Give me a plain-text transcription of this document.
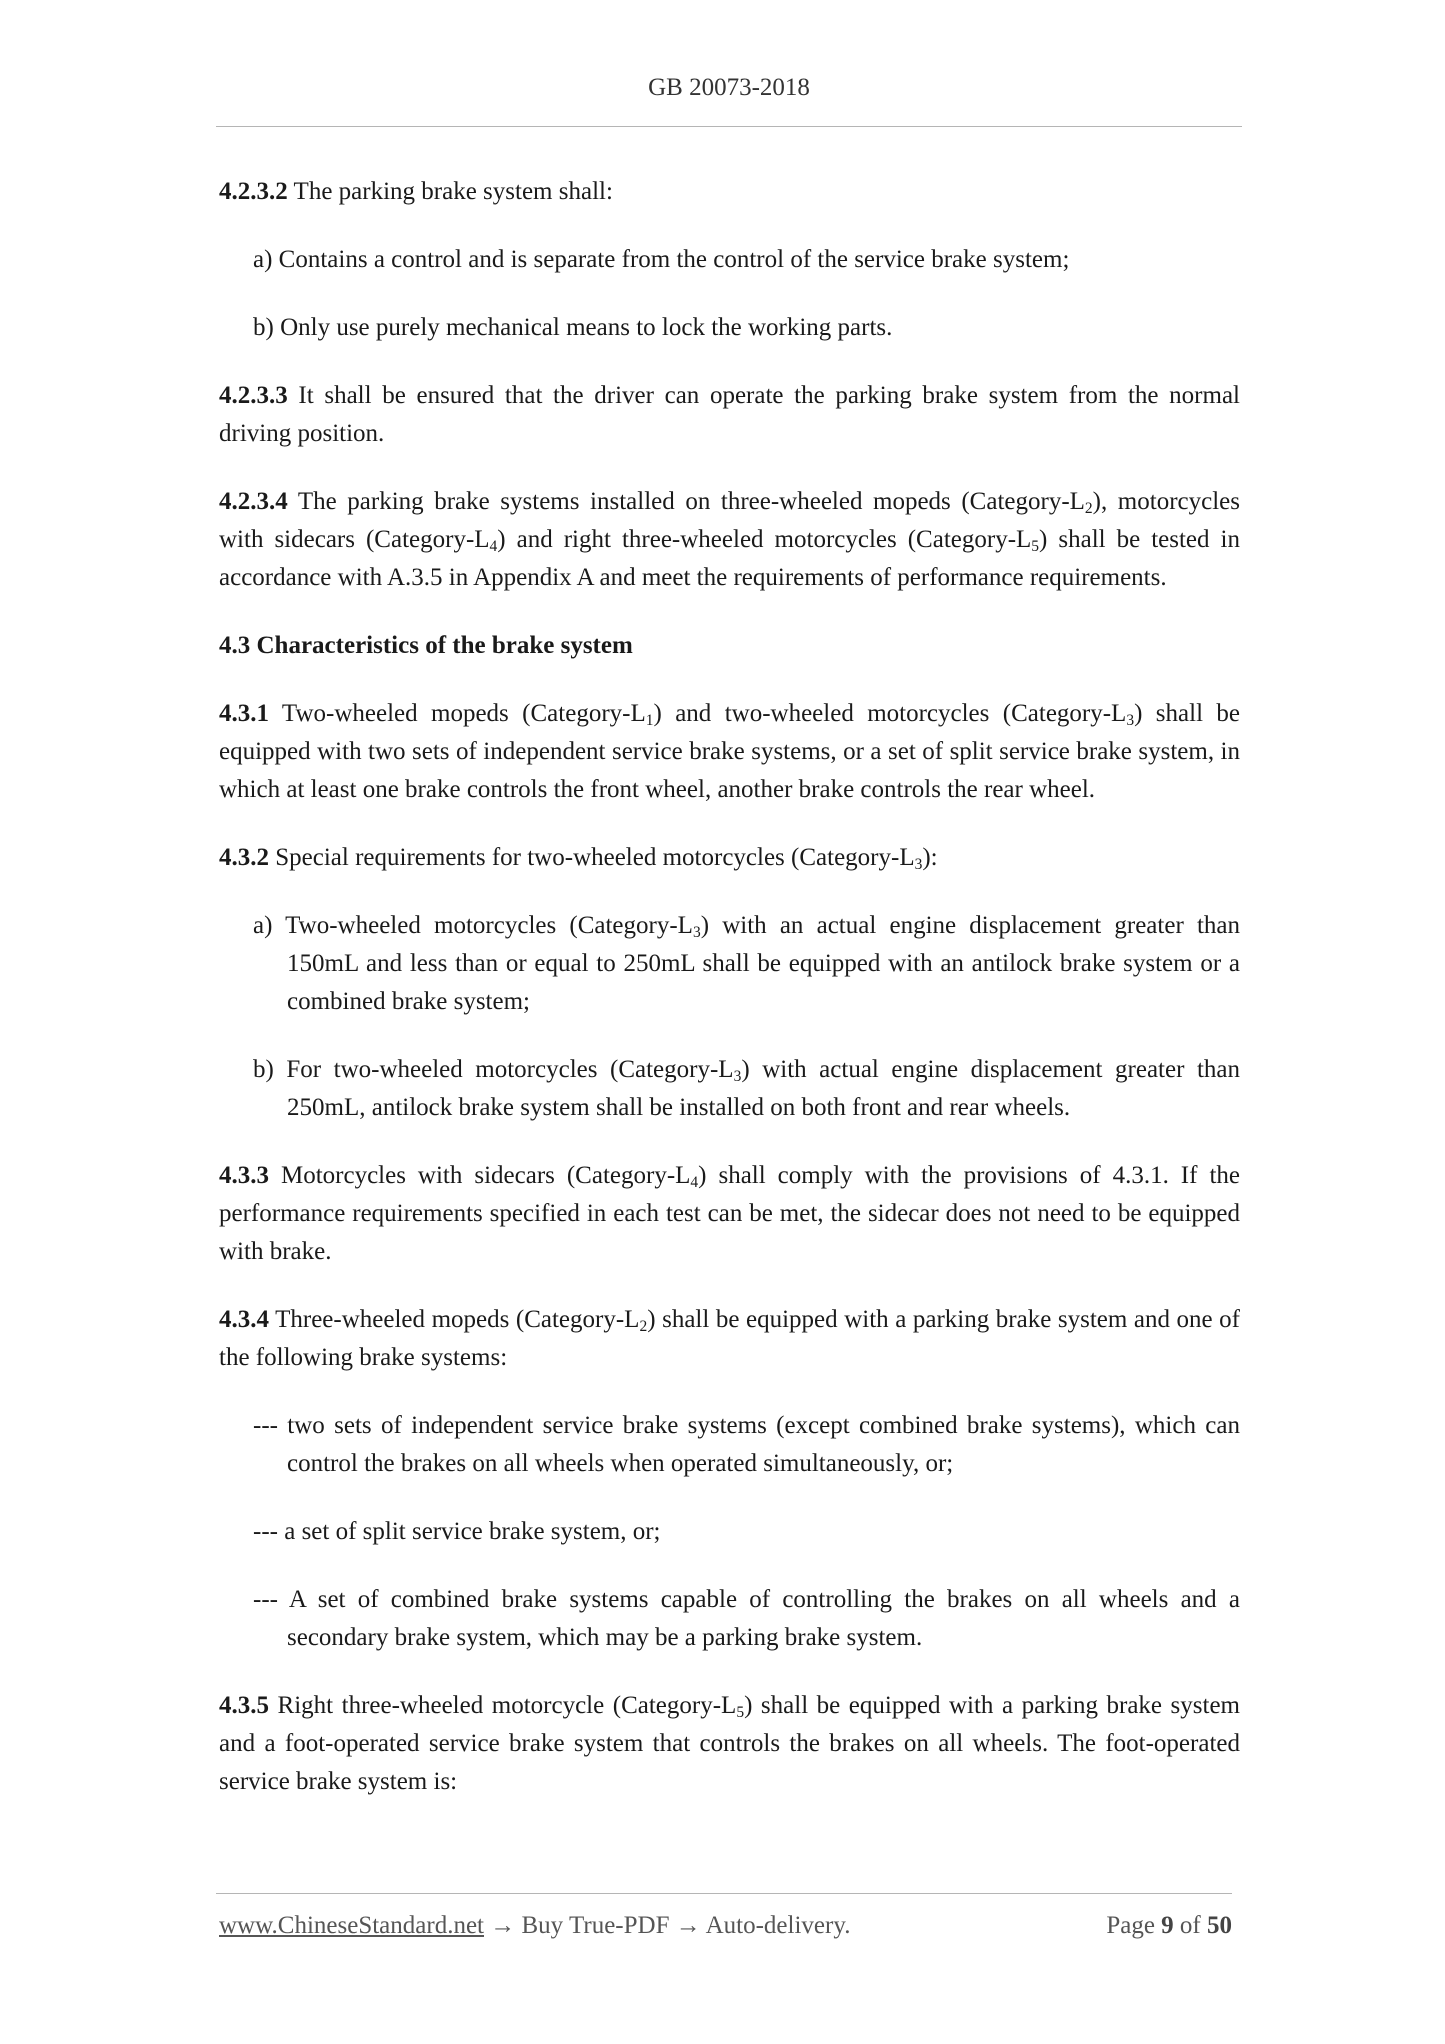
GB 20073-2018

4.2.3.2 The parking brake system shall:

a) Contains a control and is separate from the control of the service brake system;

b) Only use purely mechanical means to lock the working parts.

4.2.3.3 It shall be ensured that the driver can operate the parking brake system from the normal driving position.

4.2.3.4 The parking brake systems installed on three-wheeled mopeds $(Category-L_2)$, motorcycles with sidecars $(Category-L_4)$ and right three-wheeled motorcycles $(Category-L_5)$ shall be tested in accordance with A.3.5 in Appendix A and meet the requirements of performance requirements.

4.3 Characteristics of the brake system

4.3.1 Two-wheeled mopeds $(Category-L_1)$ and two-wheeled motorcycles $(Category-L_3)$ shall be equipped with two sets of independent service brake systems, or a set of split service brake system, in which at least one brake controls the front wheel, another brake controls the rear wheel.

4.3.2 Special requirements for two-wheeled motorcycles $(Category-L_3)$:

a) Two-wheeled motorcycles $(Category-L_3)$ with an actual engine displacement greater than 150mL and less than or equal to 250mL shall be equipped with an antilock brake system or a combined brake system;

b) For two-wheeled motorcycles $(Category-L_3)$ with actual engine displacement greater than 250mL, antilock brake system shall be installed on both front and rear wheels.

4.3.3 Motorcycles with sidecars $(Category-L_4)$ shall comply with the provisions of 4.3.1. If the performance requirements specified in each test can be met, the sidecar does not need to be equipped with brake.

4.3.4 Three-wheeled mopeds $(Category-L_2)$ shall be equipped with a parking brake system and one of the following brake systems:

--- two sets of independent service brake systems (except combined brake systems), which can control the brakes on all wheels when operated simultaneously, or;

--- a set of split service brake system, or;

--- A set of combined brake systems capable of controlling the brakes on all wheels and a secondary brake system, which may be a parking brake system.

4.3.5 Right three-wheeled motorcycle $(Category-L_5)$ shall be equipped with a parking brake system and a foot-operated service brake system that controls the brakes on all wheels. The foot-operated service brake system is:

www.ChineseStandard.net → Buy True-PDF → Auto-delivery.	Page 9 of 50
